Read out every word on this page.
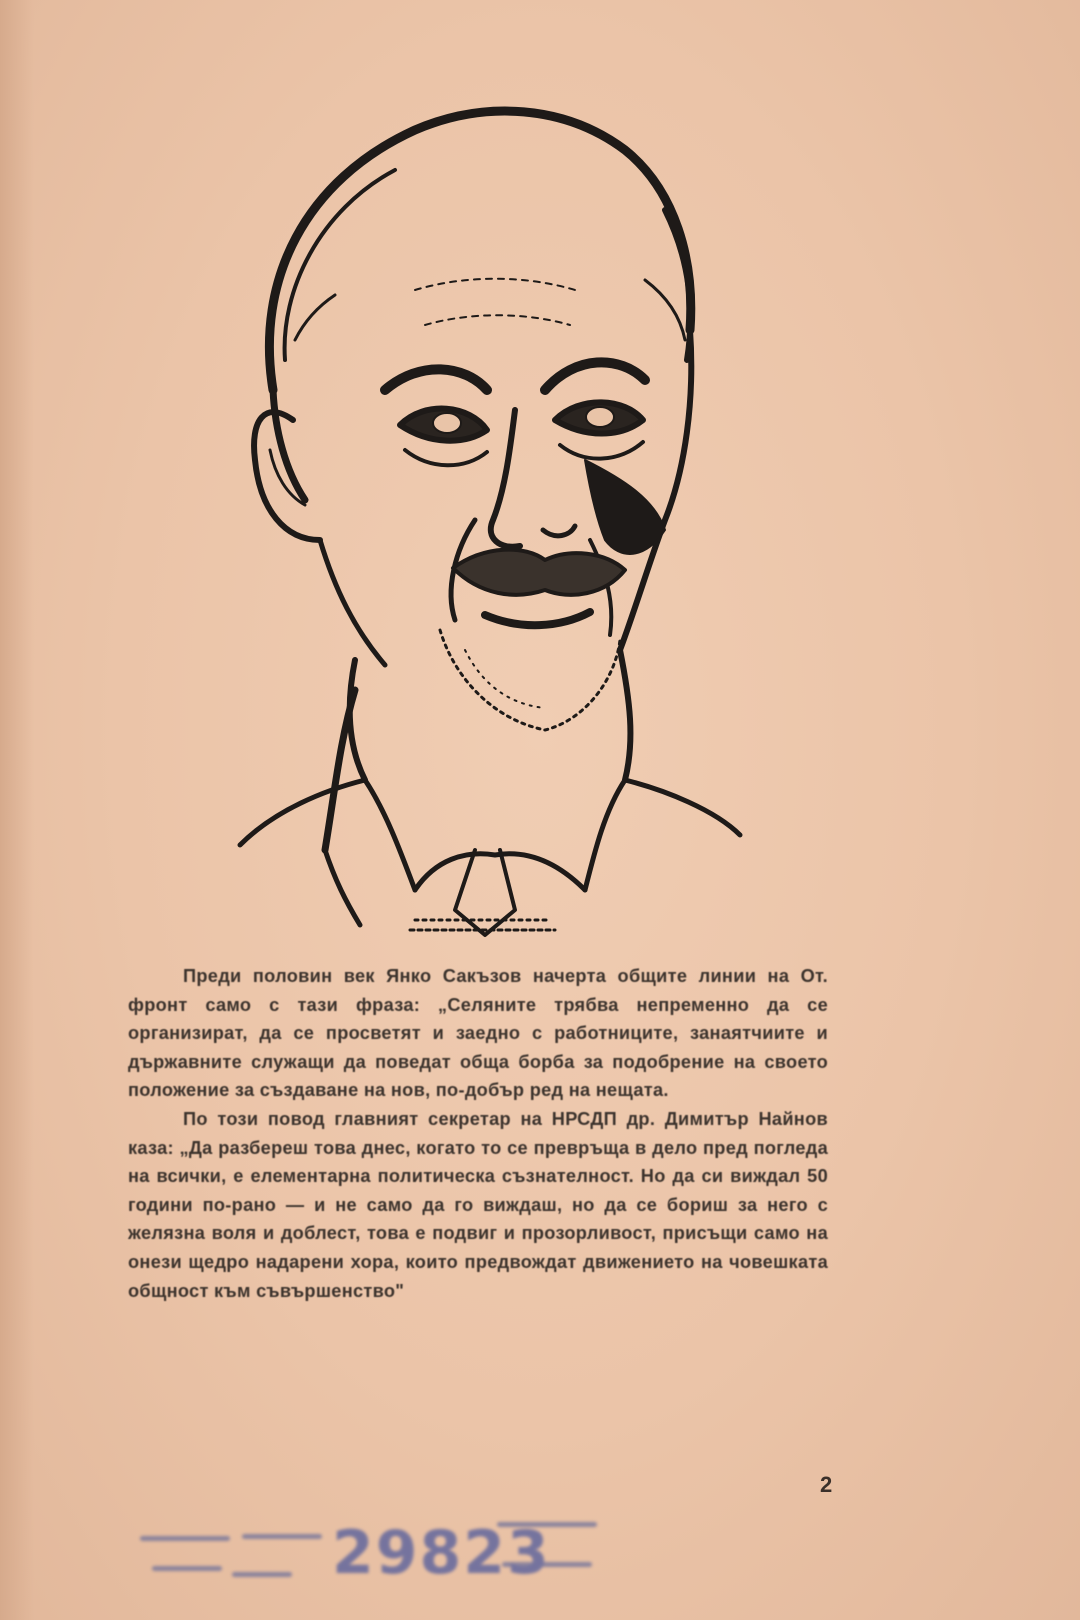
Преди половин век Янко Сакъзов начерта общите линии на От. фронт само с тази фраза: „Селяните трябва непременно да се организират, да се просветят и заедно с работниците, занаятчиите и държавните служащи да поведат обща борба за подобрение на своето положение за създаване на нов, по-добър ред на нещата.

По този повод главният секретар на НРСДП др. Димитър Найнов каза: „Да разбереш това днес, когато то се превръща в дело пред погледа на всички, е елементарна политическа съзнателност. Но да си виждал 50 години по-рано — и не само да го виждаш, но да се бориш за него с желязна воля и доблест, това е подвиг и прозорливост, присъщи само на онези щедро надарени хора, които предвождат движението на човешката общност към съвършенство"

2
29823
